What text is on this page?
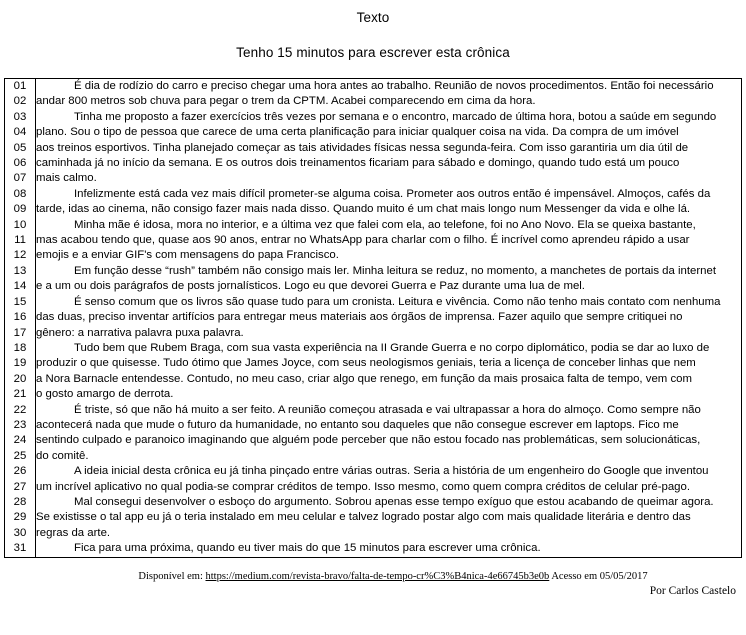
Texto
Tenho 15 minutos para escrever esta crônica
01	É dia de rodízio do carro e preciso chegar uma hora antes ao trabalho. Reunião de novos procedimentos. Então foi necessário
02	andar 800 metros sob chuva para pegar o trem da CPTM. Acabei comparecendo em cima da hora.
03	Tinha me proposto a fazer exercícios três vezes por semana e o encontro, marcado de última hora, botou a saúde em segundo
04	plano. Sou o tipo de pessoa que carece de uma certa planificação para iniciar qualquer coisa na vida. Da compra de um imóvel
05	aos treinos esportivos. Tinha planejado começar as tais atividades físicas nessa segunda-feira. Com isso garantiria um dia útil de
06	caminhada já no início da semana. E os outros dois treinamentos ficariam para sábado e domingo, quando tudo está um pouco
07	mais calmo.
08	Infelizmente está cada vez mais difícil prometer-se alguma coisa. Prometer aos outros então é impensável. Almoços, cafés da
09	tarde, idas ao cinema, não consigo fazer mais nada disso. Quando muito é um chat mais longo num Messenger da vida e olhe lá.
10	Minha mãe é idosa, mora no interior, e a última vez que falei com ela, ao telefone, foi no Ano Novo. Ela se queixa bastante,
11	mas acabou tendo que, quase aos 90 anos, entrar no WhatsApp para charlar com o filho. É incrível como aprendeu rápido a usar
12	emojis e a enviar GIF's com mensagens do papa Francisco.
13	Em função desse “rush” também não consigo mais ler. Minha leitura se reduz, no momento, a manchetes de portais da internet
14	e a um ou dois parágrafos de posts jornalísticos. Logo eu que devorei Guerra e Paz durante uma lua de mel.
15	É senso comum que os livros são quase tudo para um cronista. Leitura e vivência. Como não tenho mais contato com nenhuma
16	das duas, preciso inventar artifícios para entregar meus materiais aos órgãos de imprensa. Fazer aquilo que sempre critiquei no
17	gênero: a narrativa palavra puxa palavra.
18	Tudo bem que Rubem Braga, com sua vasta experiência na II Grande Guerra e no corpo diplomático, podia se dar ao luxo de
19	produzir o que quisesse. Tudo ótimo que James Joyce, com seus neologismos geniais, teria a licença de conceber linhas que nem
20	a Nora Barnacle entendesse. Contudo, no meu caso, criar algo que renego, em função da mais prosaica falta de tempo, vem com
21	o gosto amargo de derrota.
22	É triste, só que não há muito a ser feito. A reunião começou atrasada e vai ultrapassar a hora do almoço. Como sempre não
23	acontecerá nada que mude o futuro da humanidade, no entanto sou daqueles que não consegue escrever em laptops. Fico me
24	sentindo culpado e paranoico imaginando que alguém pode perceber que não estou focado nas problemáticas, sem solucionáticas,
25	do comitê.
26	A ideia inicial desta crônica eu já tinha pinçado entre várias outras. Seria a história de um engenheiro do Google que inventou
27	um incrível aplicativo no qual podia-se comprar créditos de tempo. Isso mesmo, como quem compra créditos de celular pré-pago.
28	Mal consegui desenvolver o esboço do argumento. Sobrou apenas esse tempo exíguo que estou acabando de queimar agora.
29	Se existisse o tal app eu já o teria instalado em meu celular e talvez logrado postar algo com mais qualidade literária e dentro das
30	regras da arte.
31	Fica para uma próxima, quando eu tiver mais do que 15 minutos para escrever uma crônica.
Disponível em: https://medium.com/revista-bravo/falta-de-tempo-cr%C3%B4nica-4e66745b3e0b Acesso em 05/05/2017
Por Carlos Castelo
